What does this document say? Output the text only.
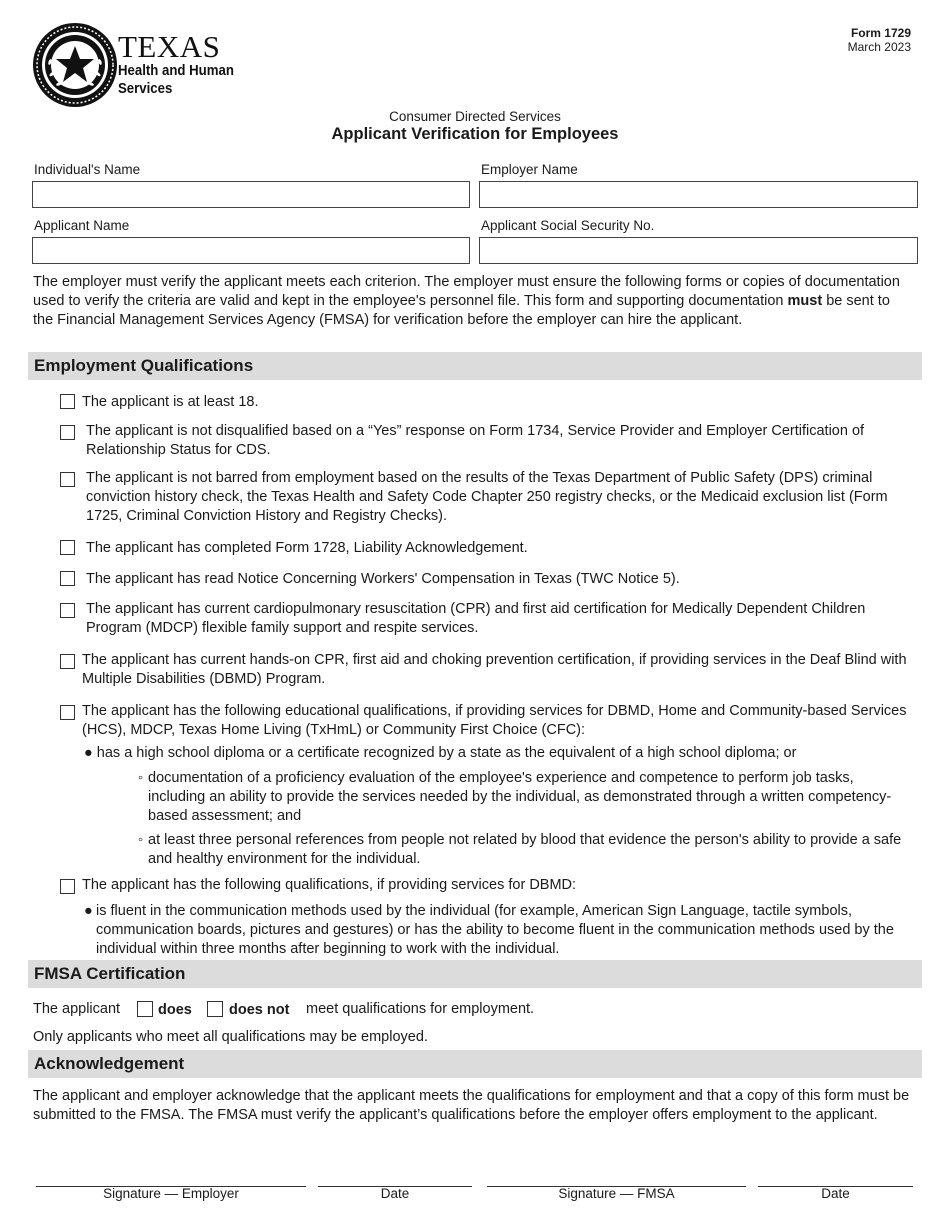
TEXAS
Health and Human
Services
Form 1729
March 2023
Consumer Directed Services
Applicant Verification for Employees
Individual's Name	Employer Name
Applicant Name	Applicant Social Security No.
The employer must verify the applicant meets each criterion. The employer must ensure the following forms or copies of documentation used to verify the criteria are valid and kept in the employee's personnel file. This form and supporting documentation must be sent to the Financial Management Services Agency (FMSA) for verification before the employer can hire the applicant.
Employment Qualifications
The applicant is at least 18.
The applicant is not disqualified based on a “Yes” response on Form 1734, Service Provider and Employer Certification of Relationship Status for CDS.
The applicant is not barred from employment based on the results of the Texas Department of Public Safety (DPS) criminal conviction history check, the Texas Health and Safety Code Chapter 250 registry checks, or the Medicaid exclusion list (Form 1725, Criminal Conviction History and Registry Checks).
The applicant has completed Form 1728, Liability Acknowledgement.
The applicant has read Notice Concerning Workers' Compensation in Texas (TWC Notice 5).
The applicant has current cardiopulmonary resuscitation (CPR) and first aid certification for Medically Dependent Children Program (MDCP) flexible family support and respite services.
The applicant has current hands-on CPR, first aid and choking prevention certification, if providing services in the Deaf Blind with Multiple Disabilities (DBMD) Program.
The applicant has the following educational qualifications, if providing services for DBMD, Home and Community-based Services (HCS), MDCP, Texas Home Living (TxHmL) or Community First Choice (CFC):
● has a high school diploma or a certificate recognized by a state as the equivalent of a high school diploma; or
◦ documentation of a proficiency evaluation of the employee's experience and competence to perform job tasks, including an ability to provide the services needed by the individual, as demonstrated through a written competency-based assessment; and
◦ at least three personal references from people not related by blood that evidence the person's ability to provide a safe and healthy environment for the individual.
The applicant has the following qualifications, if providing services for DBMD:
● is fluent in the communication methods used by the individual (for example, American Sign Language, tactile symbols, communication boards, pictures and gestures) or has the ability to become fluent in the communication methods used by the individual within three months after beginning to work with the individual.
FMSA Certification
The applicant	does	does not meet qualifications for employment.
Only applicants who meet all qualifications may be employed.
Acknowledgement
The applicant and employer acknowledge that the applicant meets the qualifications for employment and that a copy of this form must be submitted to the FMSA. The FMSA must verify the applicant’s qualifications before the employer offers employment to the applicant.
Signature — Employer	Date	Signature — FMSA	Date
